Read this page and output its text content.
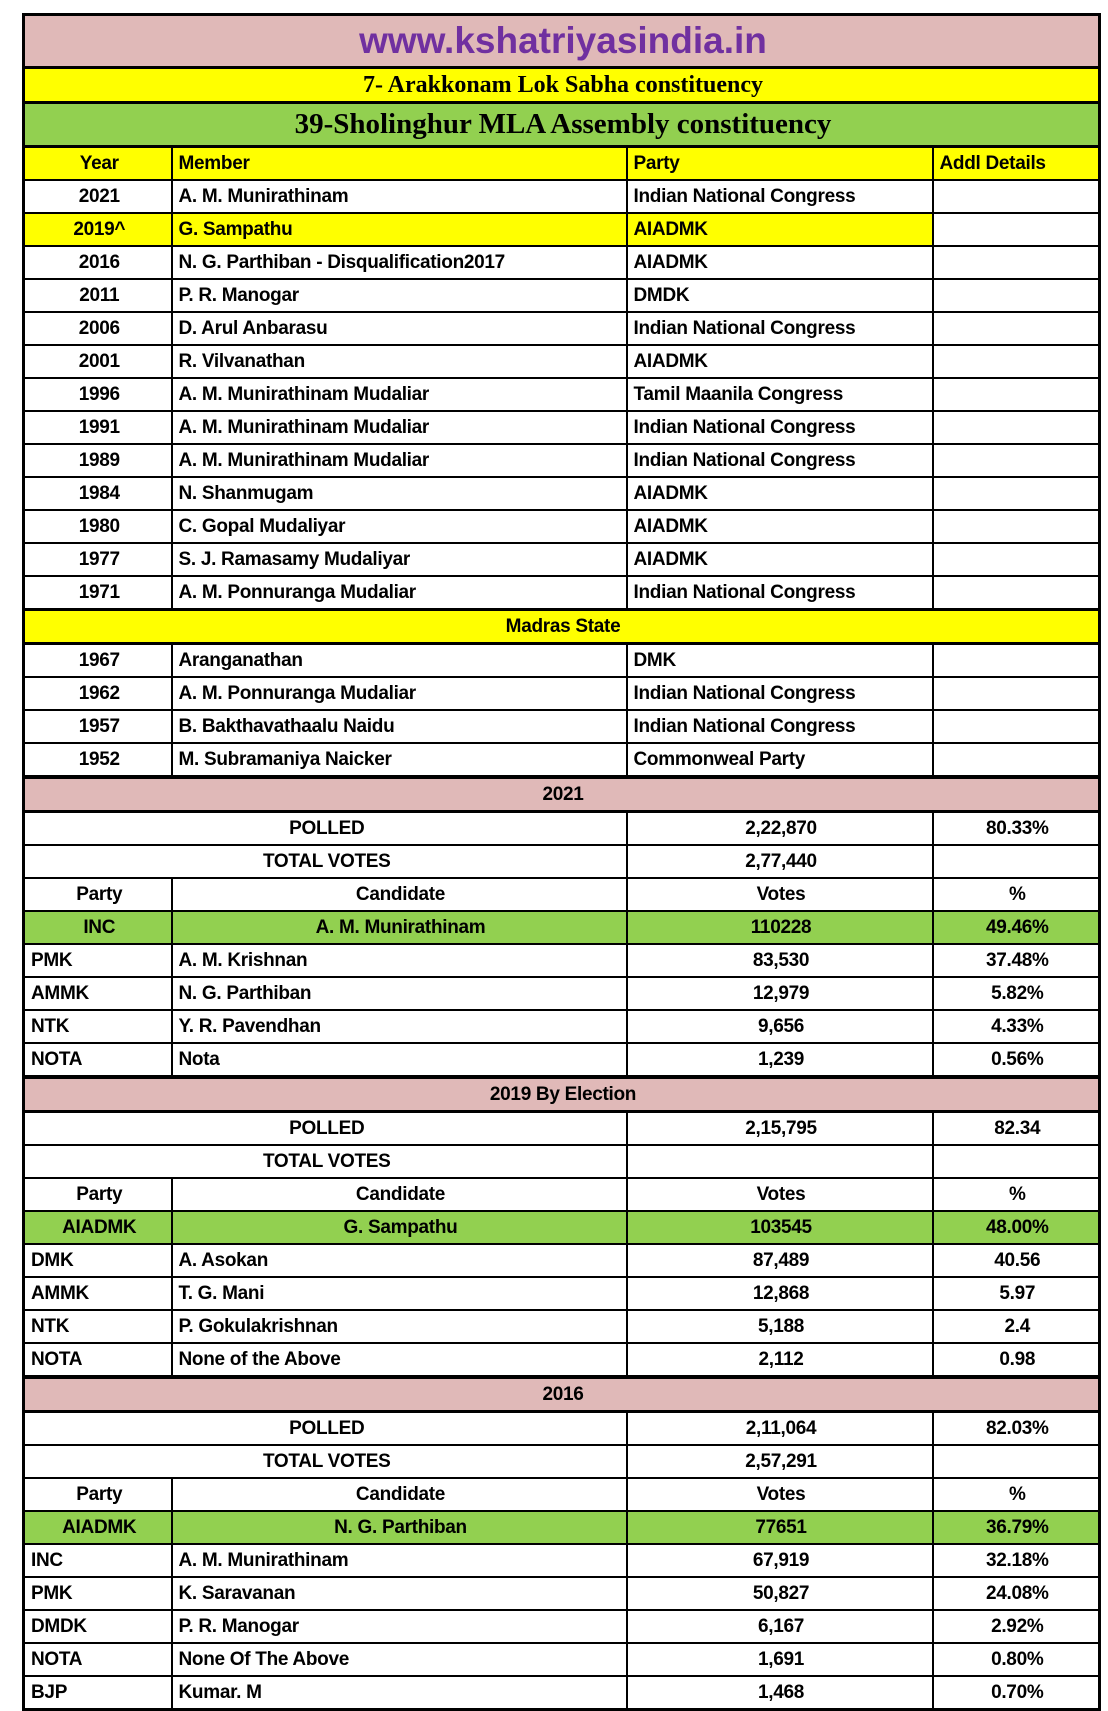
www.kshatriyasindia.in			
7- Arakkonam Lok Sabha constituency			
39-Sholinghur MLA Assembly constituency			
Year	Member	Party	Addl Details
2021	A. M. Munirathinam	Indian National Congress	
2019^	G. Sampathu	AIADMK	
2016	N. G. Parthiban - Disqualification2017	AIADMK	
2011	P. R. Manogar	DMDK	
2006	D. Arul Anbarasu	Indian National Congress	
2001	R. Vilvanathan	AIADMK	
1996	A. M. Munirathinam Mudaliar	Tamil Maanila Congress	
1991	A. M. Munirathinam Mudaliar	Indian National Congress	
1989	A. M. Munirathinam Mudaliar	Indian National Congress	
1984	N. Shanmugam	AIADMK	
1980	C. Gopal Mudaliyar	AIADMK	
1977	S. J. Ramasamy Mudaliyar	AIADMK	
1971	A. M. Ponnuranga Mudaliar	Indian National Congress	
Madras State			
1967	Aranganathan	DMK	
1962	A. M. Ponnuranga Mudaliar	Indian National Congress	
1957	B. Bakthavathaalu Naidu	Indian National Congress	
1952	M. Subramaniya Naicker	Commonweal Party	
2021			
POLLED		2,22,870	80.33%
TOTAL VOTES		2,77,440	
Party	Candidate	Votes	%
INC	A. M. Munirathinam	110228	49.46%
PMK	A. M. Krishnan	83,530	37.48%
AMMK	N. G. Parthiban	12,979	5.82%
NTK	Y. R. Pavendhan	9,656	4.33%
NOTA	Nota	1,239	0.56%
2019 By Election			
POLLED		2,15,795	82.34
TOTAL VOTES			
Party	Candidate	Votes	%
AIADMK	G. Sampathu	103545	48.00%
DMK	A. Asokan	87,489	40.56
AMMK	T. G. Mani	12,868	5.97
NTK	P. Gokulakrishnan	5,188	2.4
NOTA	None of the Above	2,112	0.98
2016			
POLLED		2,11,064	82.03%
TOTAL VOTES		2,57,291	
Party	Candidate	Votes	%
AIADMK	N. G. Parthiban	77651	36.79%
INC	A. M. Munirathinam	67,919	32.18%
PMK	K. Saravanan	50,827	24.08%
DMDK	P. R. Manogar	6,167	2.92%
NOTA	None Of The Above	1,691	0.80%
BJP	Kumar. M	1,468	0.70%
